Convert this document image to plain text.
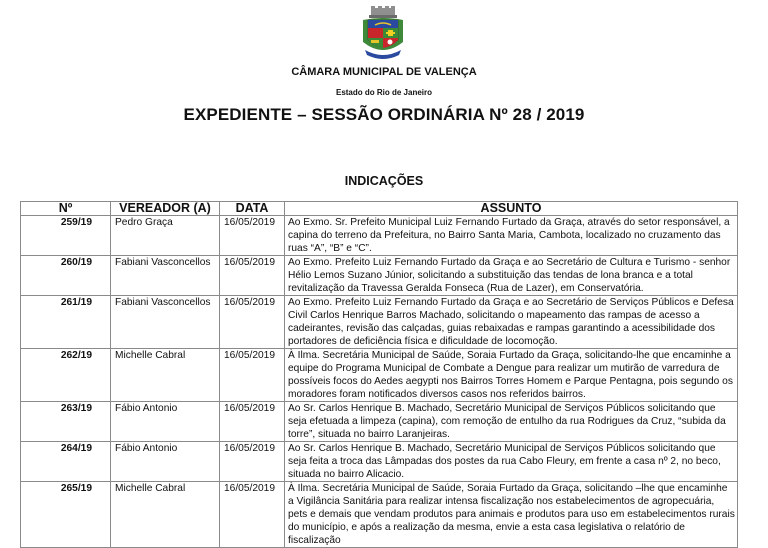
CÂMARA MUNICIPAL DE VALENÇA
Estado do Rio de Janeiro
EXPEDIENTE – SESSÃO ORDINÁRIA Nº 28 / 2019
INDICAÇÕES
Nº	VEREADOR (A)	DATA	ASSUNTO
259/19	Pedro Graça	16/05/2019	Ao Exmo. Sr. Prefeito Municipal Luiz Fernando Furtado da Graça, através do setor responsável, a capina do terreno da Prefeitura, no Bairro Santa Maria, Cambota, localizado no cruzamento das ruas “A”, “B” e “C”.
260/19	Fabiani Vasconcellos	16/05/2019	Ao Exmo. Prefeito Luiz Fernando Furtado da Graça e ao Secretário de Cultura e Turismo - senhor Hélio Lemos Suzano Júnior, solicitando a substituição das tendas de lona branca e a total revitalização da Travessa Geralda Fonseca (Rua de Lazer), em Conservatória.
261/19	Fabiani Vasconcellos	16/05/2019	Ao Exmo. Prefeito Luiz Fernando Furtado da Graça e ao Secretário de Serviços Públicos e Defesa Civil Carlos Henrique Barros Machado, solicitando o mapeamento das rampas de acesso a cadeirantes, revisão das calçadas, guias rebaixadas e rampas garantindo a acessibilidade dos portadores de deficiência física e dificuldade de locomoção.
262/19	Michelle Cabral	16/05/2019	À Ilma. Secretária Municipal de Saúde, Soraia Furtado da Graça, solicitando-lhe que encaminhe a equipe do Programa Municipal de Combate a Dengue para realizar um mutirão de varredura de possíveis focos do Aedes aegypti nos Bairros Torres Homem e Parque Pentagna, pois segundo os moradores foram notificados diversos casos nos referidos bairros.
263/19	Fábio Antonio	16/05/2019	Ao Sr. Carlos Henrique B. Machado, Secretário Municipal de Serviços Públicos solicitando que seja efetuada a limpeza (capina), com remoção de entulho da rua Rodrigues da Cruz, “subida da torre”, situada no bairro Laranjeiras.
264/19	Fábio Antonio	16/05/2019	Ao Sr. Carlos Henrique B. Machado, Secretário Municipal de Serviços Públicos solicitando que seja feita a troca das Lâmpadas dos postes da rua Cabo Fleury, em frente a casa nº 2, no beco, situada no bairro Alicacio.
265/19	Michelle Cabral	16/05/2019	À Ilma. Secretária Municipal de Saúde, Soraia Furtado da Graça, solicitando –lhe que encaminhe a Vigilância Sanitária para realizar intensa fiscalização nos estabelecimentos de agropecuária, pets e demais que vendam produtos para animais e produtos para uso em estabelecimentos rurais do município, e após a realização da mesma, envie a esta casa legislativa o relatório de fiscalização
